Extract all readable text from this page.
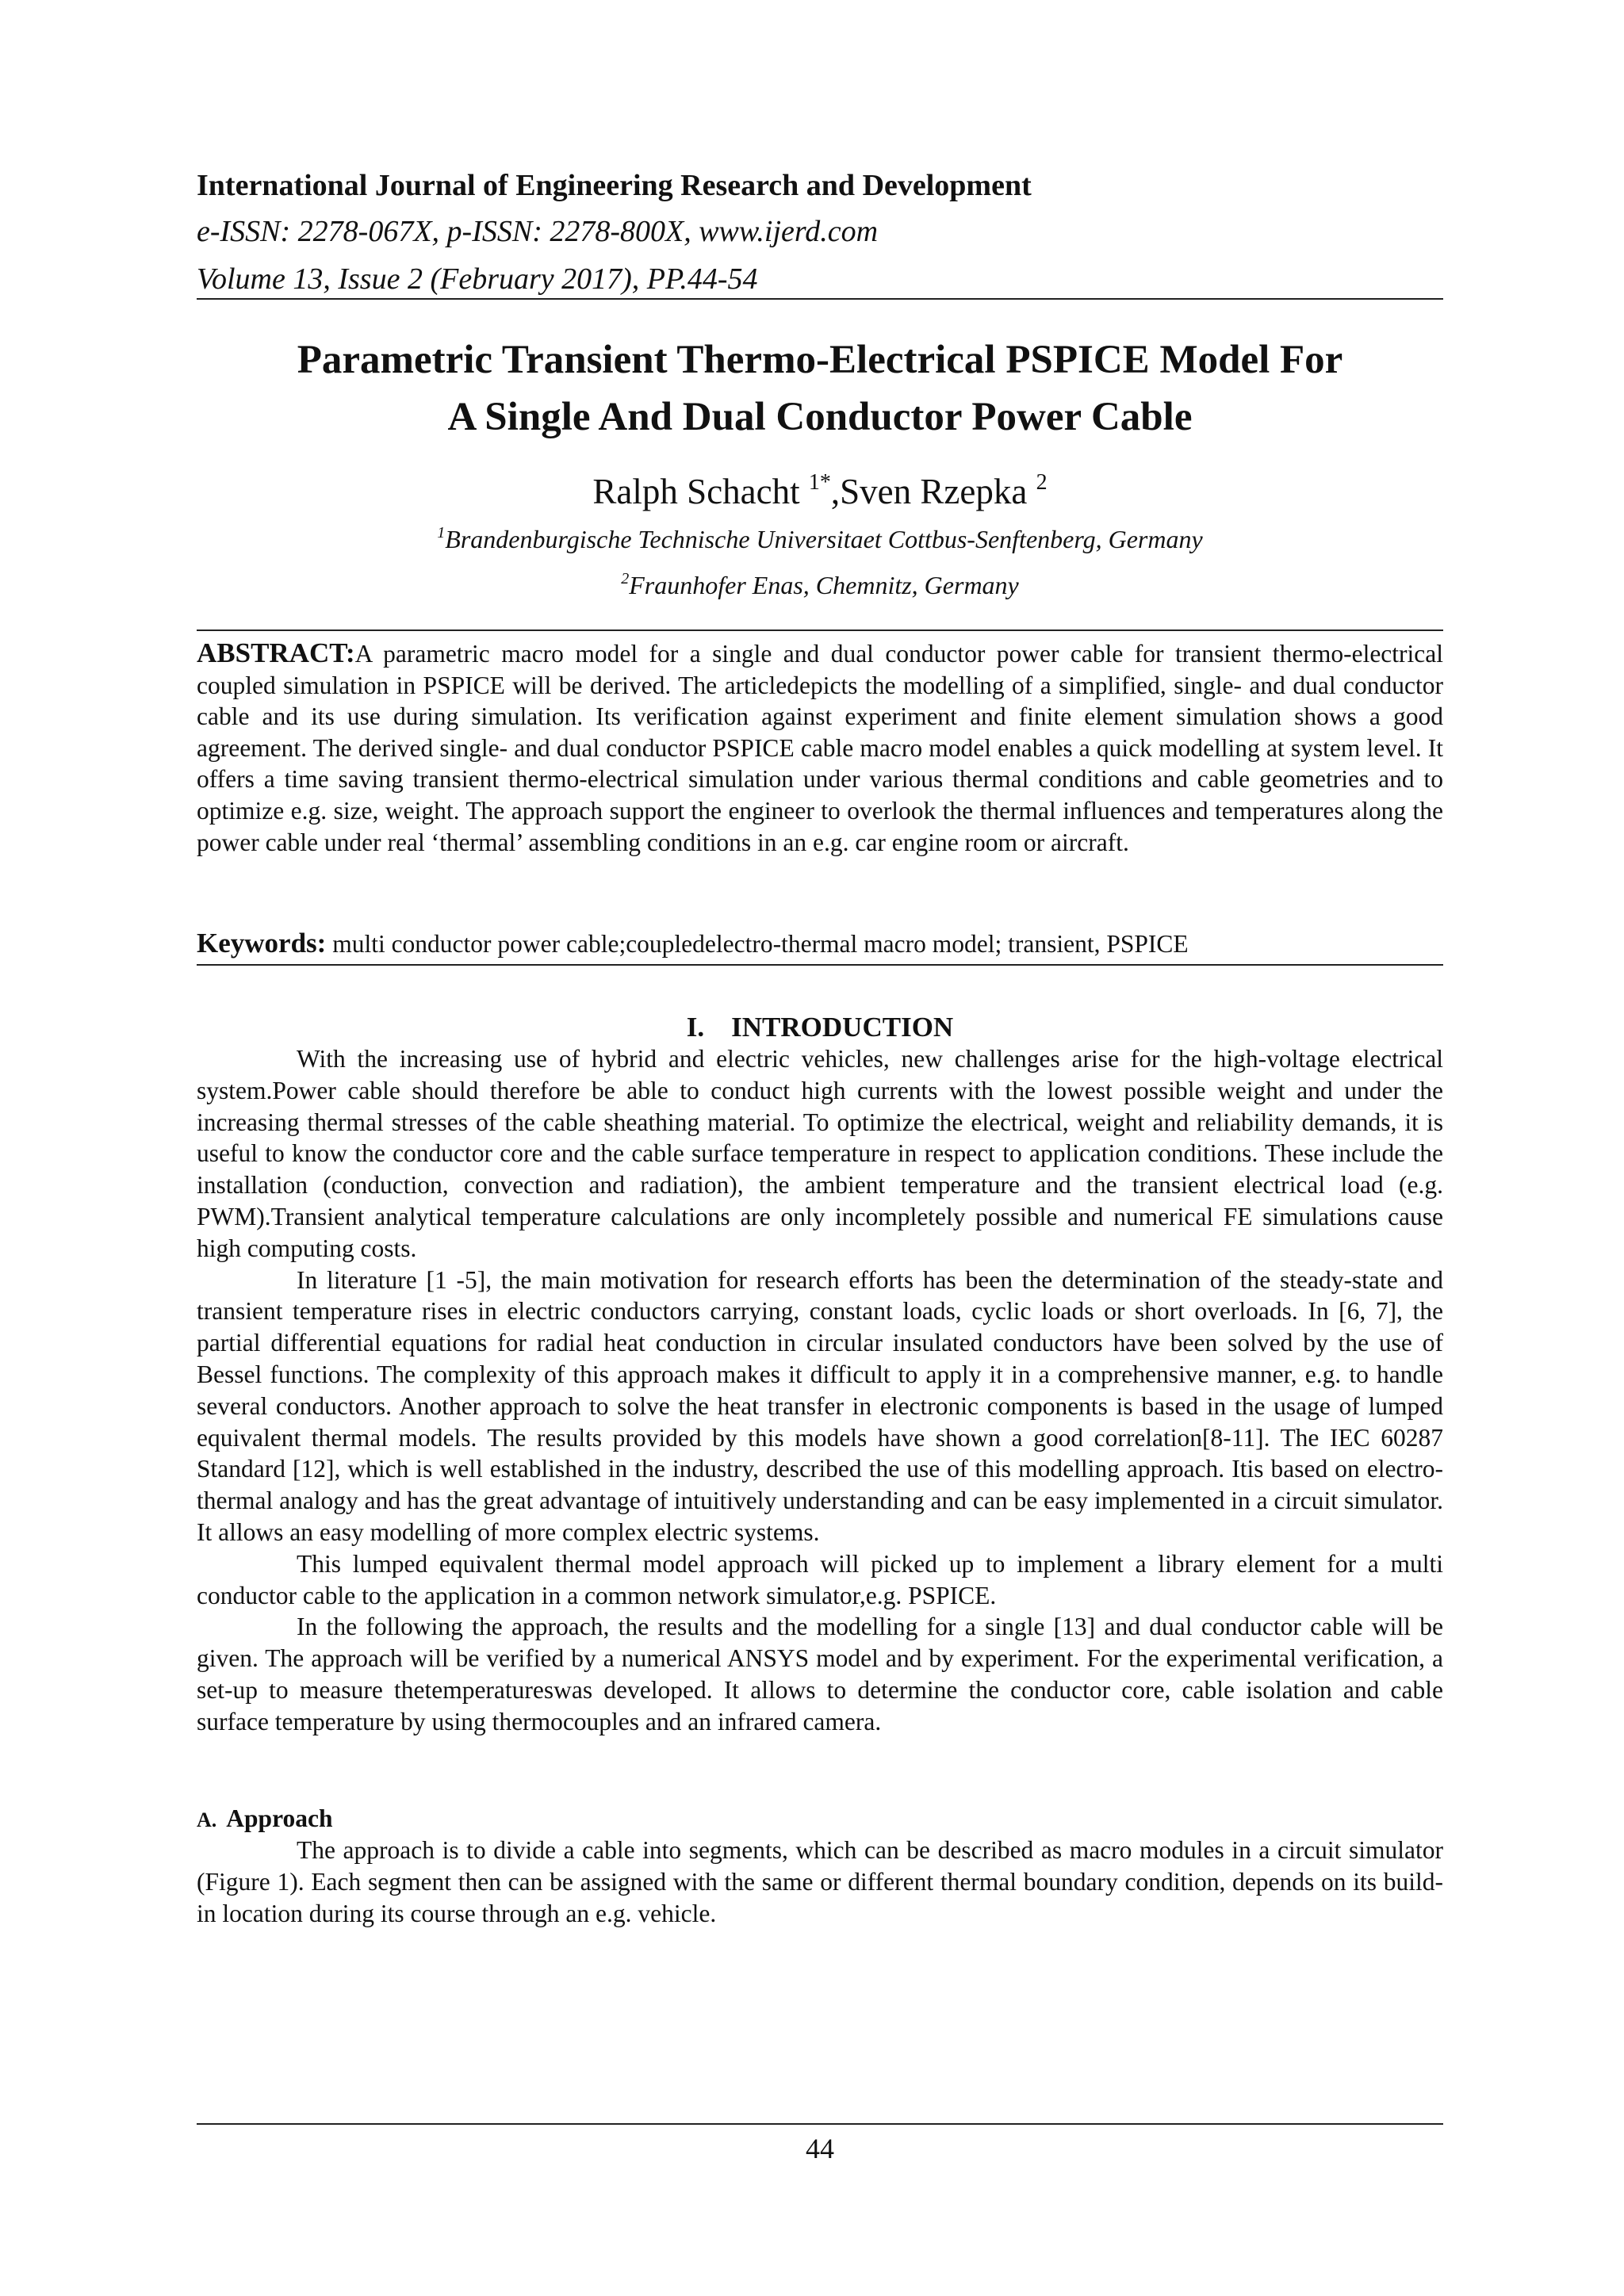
International Journal of Engineering Research and Development
e-ISSN: 2278-067X, p-ISSN: 2278-800X, www.ijerd.com
Volume 13, Issue 2 (February 2017), PP.44-54
Parametric Transient Thermo-Electrical PSPICE Model For
A Single And Dual Conductor Power Cable
Ralph Schacht $^{1*}$,Sven Rzepka $^2$
$^1$Brandenburgische Technische Universitaet Cottbus-Senftenberg, Germany
$^2$Fraunhofer Enas, Chemnitz, Germany
ABSTRACT:A parametric macro model for a single and dual conductor power cable for transient thermo-electrical coupled simulation in PSPICE will be derived. The articledepicts the modelling of a simplified, single- and dual conductor cable and its use during simulation. Its verification against experiment and finite element simulation shows a good agreement. The derived single- and dual conductor PSPICE cable macro model enables a quick modelling at system level. It offers a time saving transient thermo-electrical simulation under various thermal conditions and cable geometries and to optimize e.g. size, weight. The approach support the engineer to overlook the thermal influences and temperatures along the power cable under real ‘thermal’ assembling conditions in an e.g. car engine room or aircraft.
Keywords: multi conductor power cable;coupledelectro-thermal macro model; transient, PSPICE
I. INTRODUCTION

With the increasing use of hybrid and electric vehicles, new challenges arise for the high-voltage electrical system.Power cable should therefore be able to conduct high currents with the lowest possible weight and under the increasing thermal stresses of the cable sheathing material. To optimize the electrical, weight and reliability demands, it is useful to know the conductor core and the cable surface temperature in respect to application conditions. These include the installation (conduction, convection and radiation), the ambient temperature and the transient electrical load (e.g. PWM).Transient analytical temperature calculations are only incompletely possible and numerical FE simulations cause high computing costs.

In literature [1 -5], the main motivation for research efforts has been the determination of the steady-state and transient temperature rises in electric conductors carrying, constant loads, cyclic loads or short overloads. In [6, 7], the partial differential equations for radial heat conduction in circular insulated conductors have been solved by the use of Bessel functions. The complexity of this approach makes it difficult to apply it in a comprehensive manner, e.g. to handle several conductors. Another approach to solve the heat transfer in electronic components is based in the usage of lumped equivalent thermal models. The results provided by this models have shown a good correlation[8-11]. The IEC 60287 Standard [12], which is well established in the industry, described the use of this modelling approach. Itis based on electro-thermal analogy and has the great advantage of intuitively understanding and can be easy implemented in a circuit simulator. It allows an easy modelling of more complex electric systems.

This lumped equivalent thermal model approach will picked up to implement a library element for a multi conductor cable to the application in a common network simulator,e.g. PSPICE.

In the following the approach, the results and the modelling for a single [13] and dual conductor cable will be given. The approach will be verified by a numerical ANSYS model and by experiment. For the experimental verification, a set-up to measure thetemperatureswas developed. It allows to determine the conductor core, cable isolation and cable surface temperature by using thermocouples and an infrared camera.

A. Approach

The approach is to divide a cable into segments, which can be described as macro modules in a circuit simulator (Figure 1). Each segment then can be assigned with the same or different thermal boundary condition, depends on its build-in location during its course through an e.g. vehicle.

44
